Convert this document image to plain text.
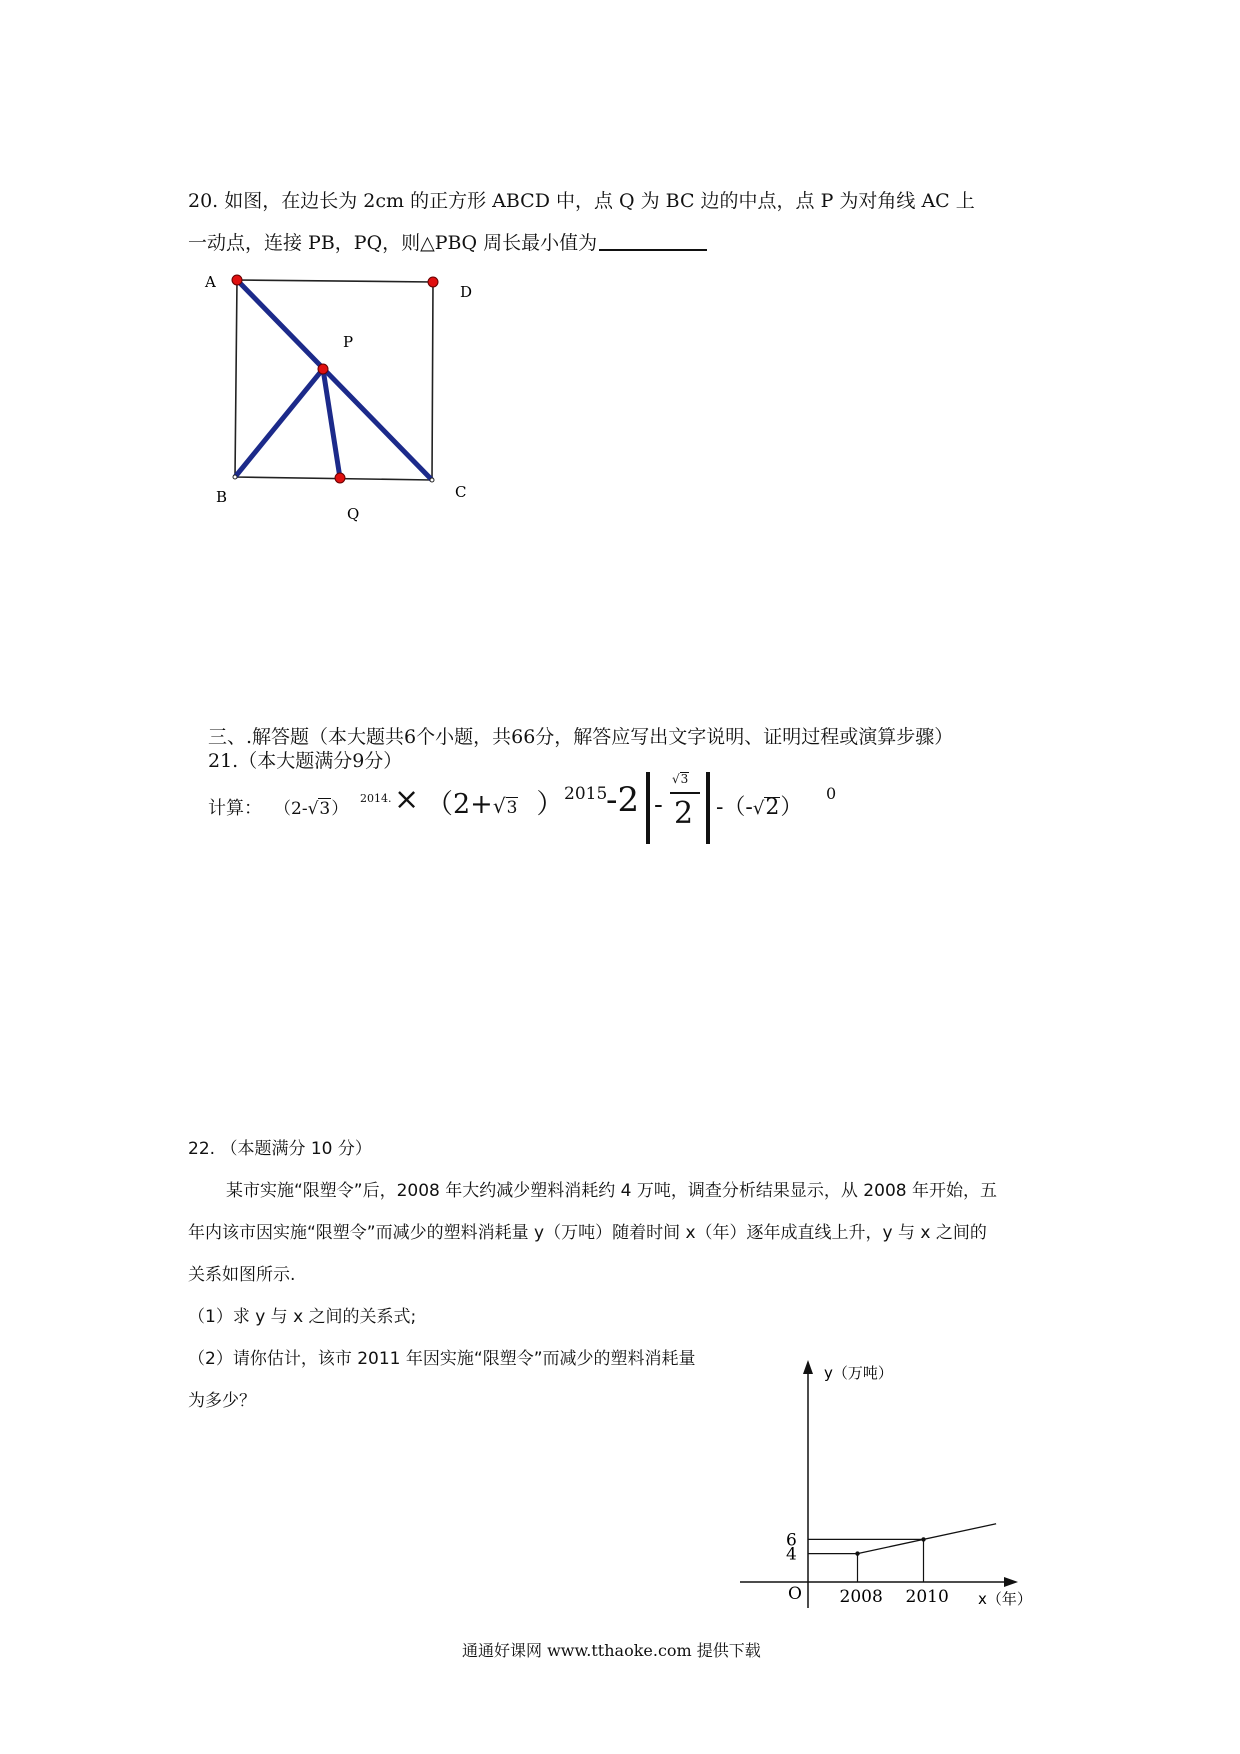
20. 如图，在边长为 2cm 的正方形 ABCD 中，点 Q 为 BC 边的中点，点 P 为对角线 AC 上
一动点，连接 PB，PQ，则△PBQ 周长最小值为
A
D
P
B	C
Q
三、.解答题（本大题共6个小题，共66分，解答应写出文字说明、证明过程或演算步骤）
21.（本大题满分9分）
计算： （2-√3）
2014. × （2+√3 ） 2015
-2 -
√3
2 -（-√2）
0
22. （本题满分 10 分）
某市实施“限塑令”后，2008 年大约减少塑料消耗约 4 万吨，调查分析结果显示，从 2008 年开始，五
年内该市因实施“限塑令”而减少的塑料消耗量 y（万吨）随着时间 x（年）逐年成直线上升，y 与 x 之间的
关系如图所示.
（1）求 y 与 x 之间的关系式;
（2）请你估计，该市 2011 年因实施“限塑令”而减少的塑料消耗量
为多少？
2008 2010
4
6
O
y（万吨）
x（年）
通通好课网 www.tthaoke.com 提供下载
